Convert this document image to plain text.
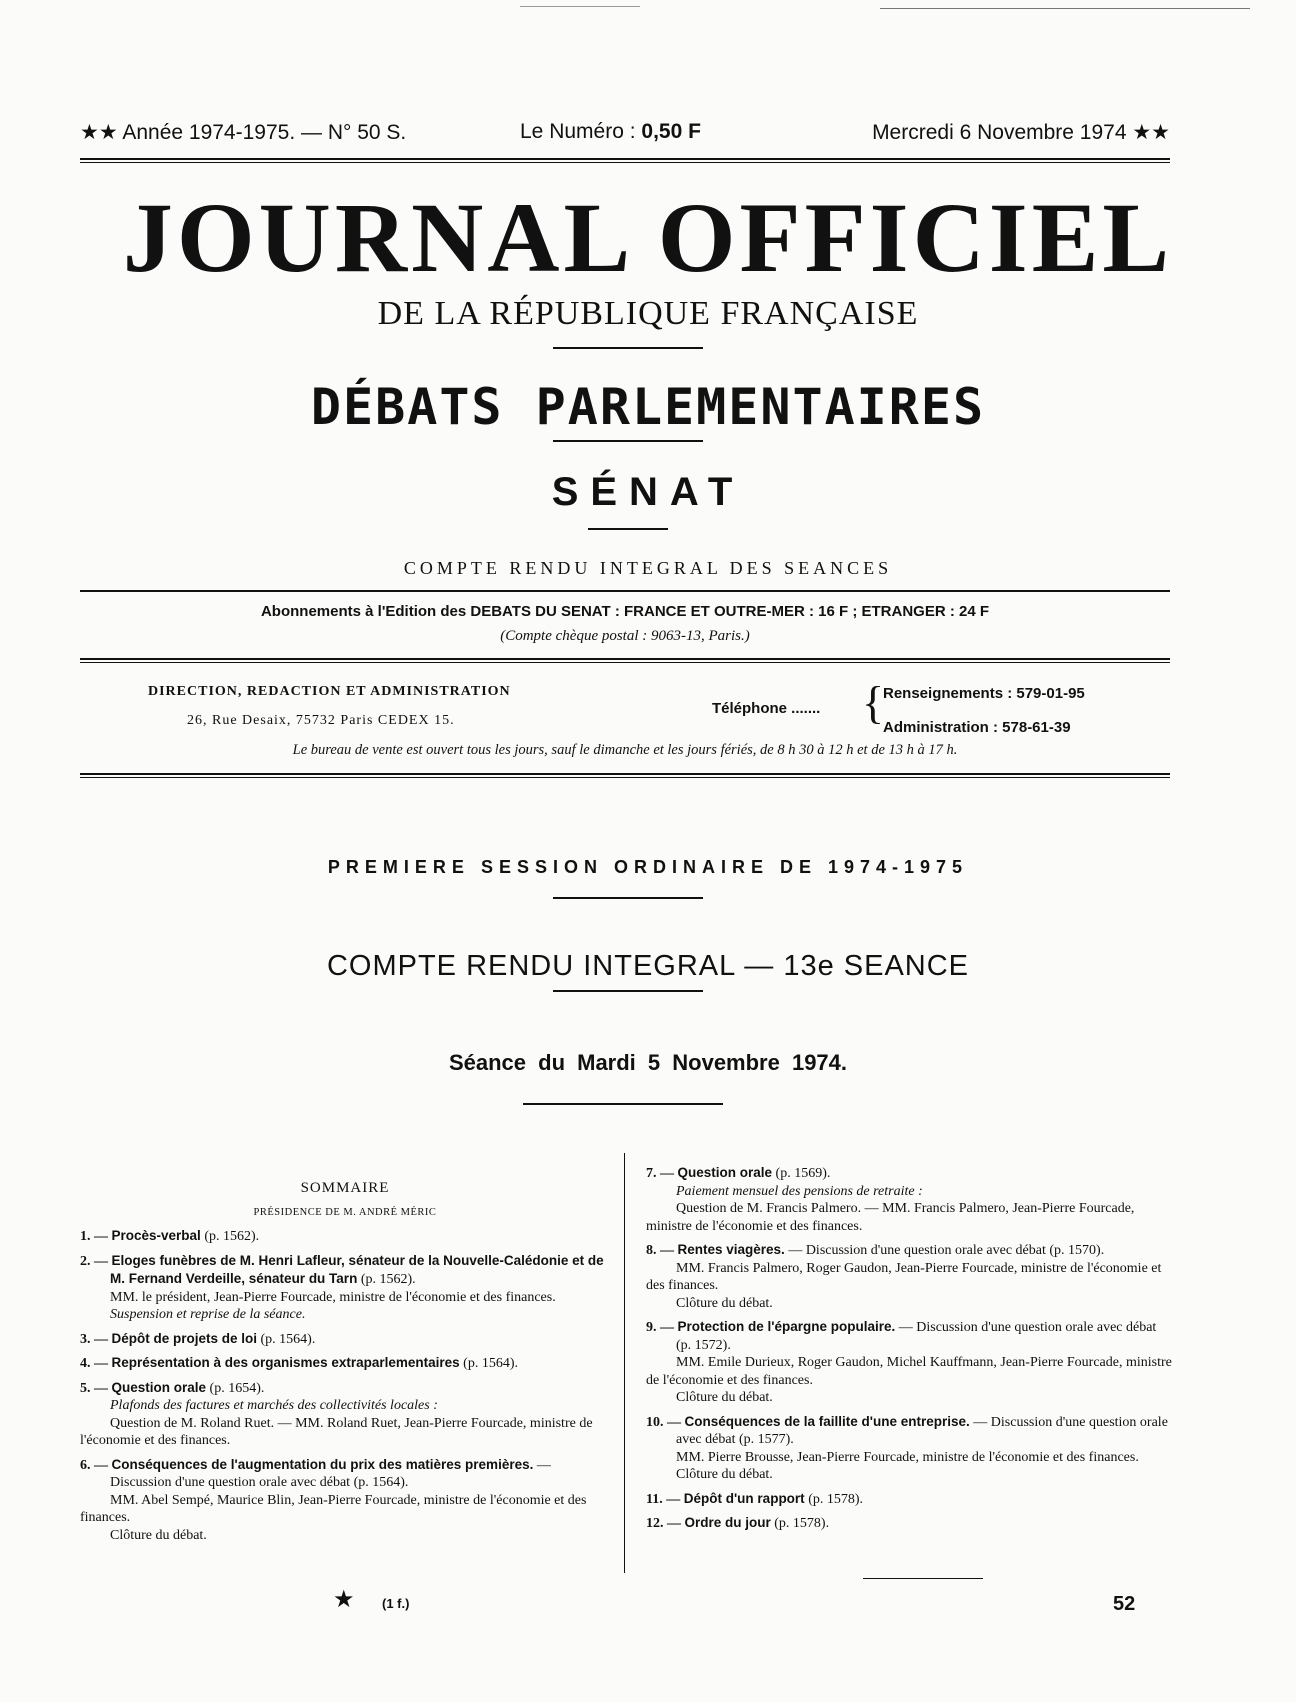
★★ Année 1974-1975. — N° 50 S.	Le Numéro : 0,50 F	Mercredi 6 Novembre 1974 ★★
JOURNAL OFFICIEL
DE LA RÉPUBLIQUE FRANÇAISE
DÉBATS PARLEMENTAIRES
SÉNAT
COMPTE RENDU INTEGRAL DES SEANCES
Abonnements à l'Edition des DEBATS DU SENAT : FRANCE ET OUTRE-MER : 16 F ; ETRANGER : 24 F
(Compte chèque postal : 9063-13, Paris.)
DIRECTION, REDACTION ET ADMINISTRATION
26, Rue Desaix, 75732 Paris CEDEX 15.
Téléphone ....... {
Renseignements : 579-01-95
Administration : 578-61-39
Le bureau de vente est ouvert tous les jours, sauf le dimanche et les jours fériés, de 8 h 30 à 12 h et de 13 h à 17 h.
PREMIERE SESSION ORDINAIRE DE 1974-1975
COMPTE RENDU INTEGRAL — 13e SEANCE
Séance du Mardi 5 Novembre 1974.

SOMMAIRE

PRÉSIDENCE DE M. ANDRÉ MÉRIC

1. — Procès-verbal (p. 1562).

2. — Eloges funèbres de M. Henri Lafleur, sénateur de la Nouvelle-Calédonie et de M. Fernand Verdeille, sénateur du Tarn (p. 1562).

MM. le président, Jean-Pierre Fourcade, ministre de l'économie et des finances.

Suspension et reprise de la séance.

3. — Dépôt de projets de loi (p. 1564).

4. — Représentation à des organismes extraparlementaires (p. 1564).

5. — Question orale (p. 1654).

Plafonds des factures et marchés des collectivités locales :

Question de M. Roland Ruet. — MM. Roland Ruet, Jean-Pierre Fourcade, ministre de l'économie et des finances.

6. — Conséquences de l'augmentation du prix des matières premières. — Discussion d'une question orale avec débat (p. 1564).

MM. Abel Sempé, Maurice Blin, Jean-Pierre Fourcade, ministre de l'économie et des finances.

Clôture du débat.

7. — Question orale (p. 1569).

Paiement mensuel des pensions de retraite :

Question de M. Francis Palmero. — MM. Francis Palmero, Jean-Pierre Fourcade, ministre de l'économie et des finances.

8. — Rentes viagères. — Discussion d'une question orale avec débat (p. 1570).

MM. Francis Palmero, Roger Gaudon, Jean-Pierre Fourcade, ministre de l'économie et des finances.

Clôture du débat.

9. — Protection de l'épargne populaire. — Discussion d'une question orale avec débat (p. 1572).

MM. Emile Durieux, Roger Gaudon, Michel Kauffmann, Jean-Pierre Fourcade, ministre de l'économie et des finances.

Clôture du débat.

10. — Conséquences de la faillite d'une entreprise. — Discussion d'une question orale avec débat (p. 1577).

MM. Pierre Brousse, Jean-Pierre Fourcade, ministre de l'économie et des finances.

Clôture du débat.

11. — Dépôt d'un rapport (p. 1578).

12. — Ordre du jour (p. 1578).

★ (1 f.)	52
